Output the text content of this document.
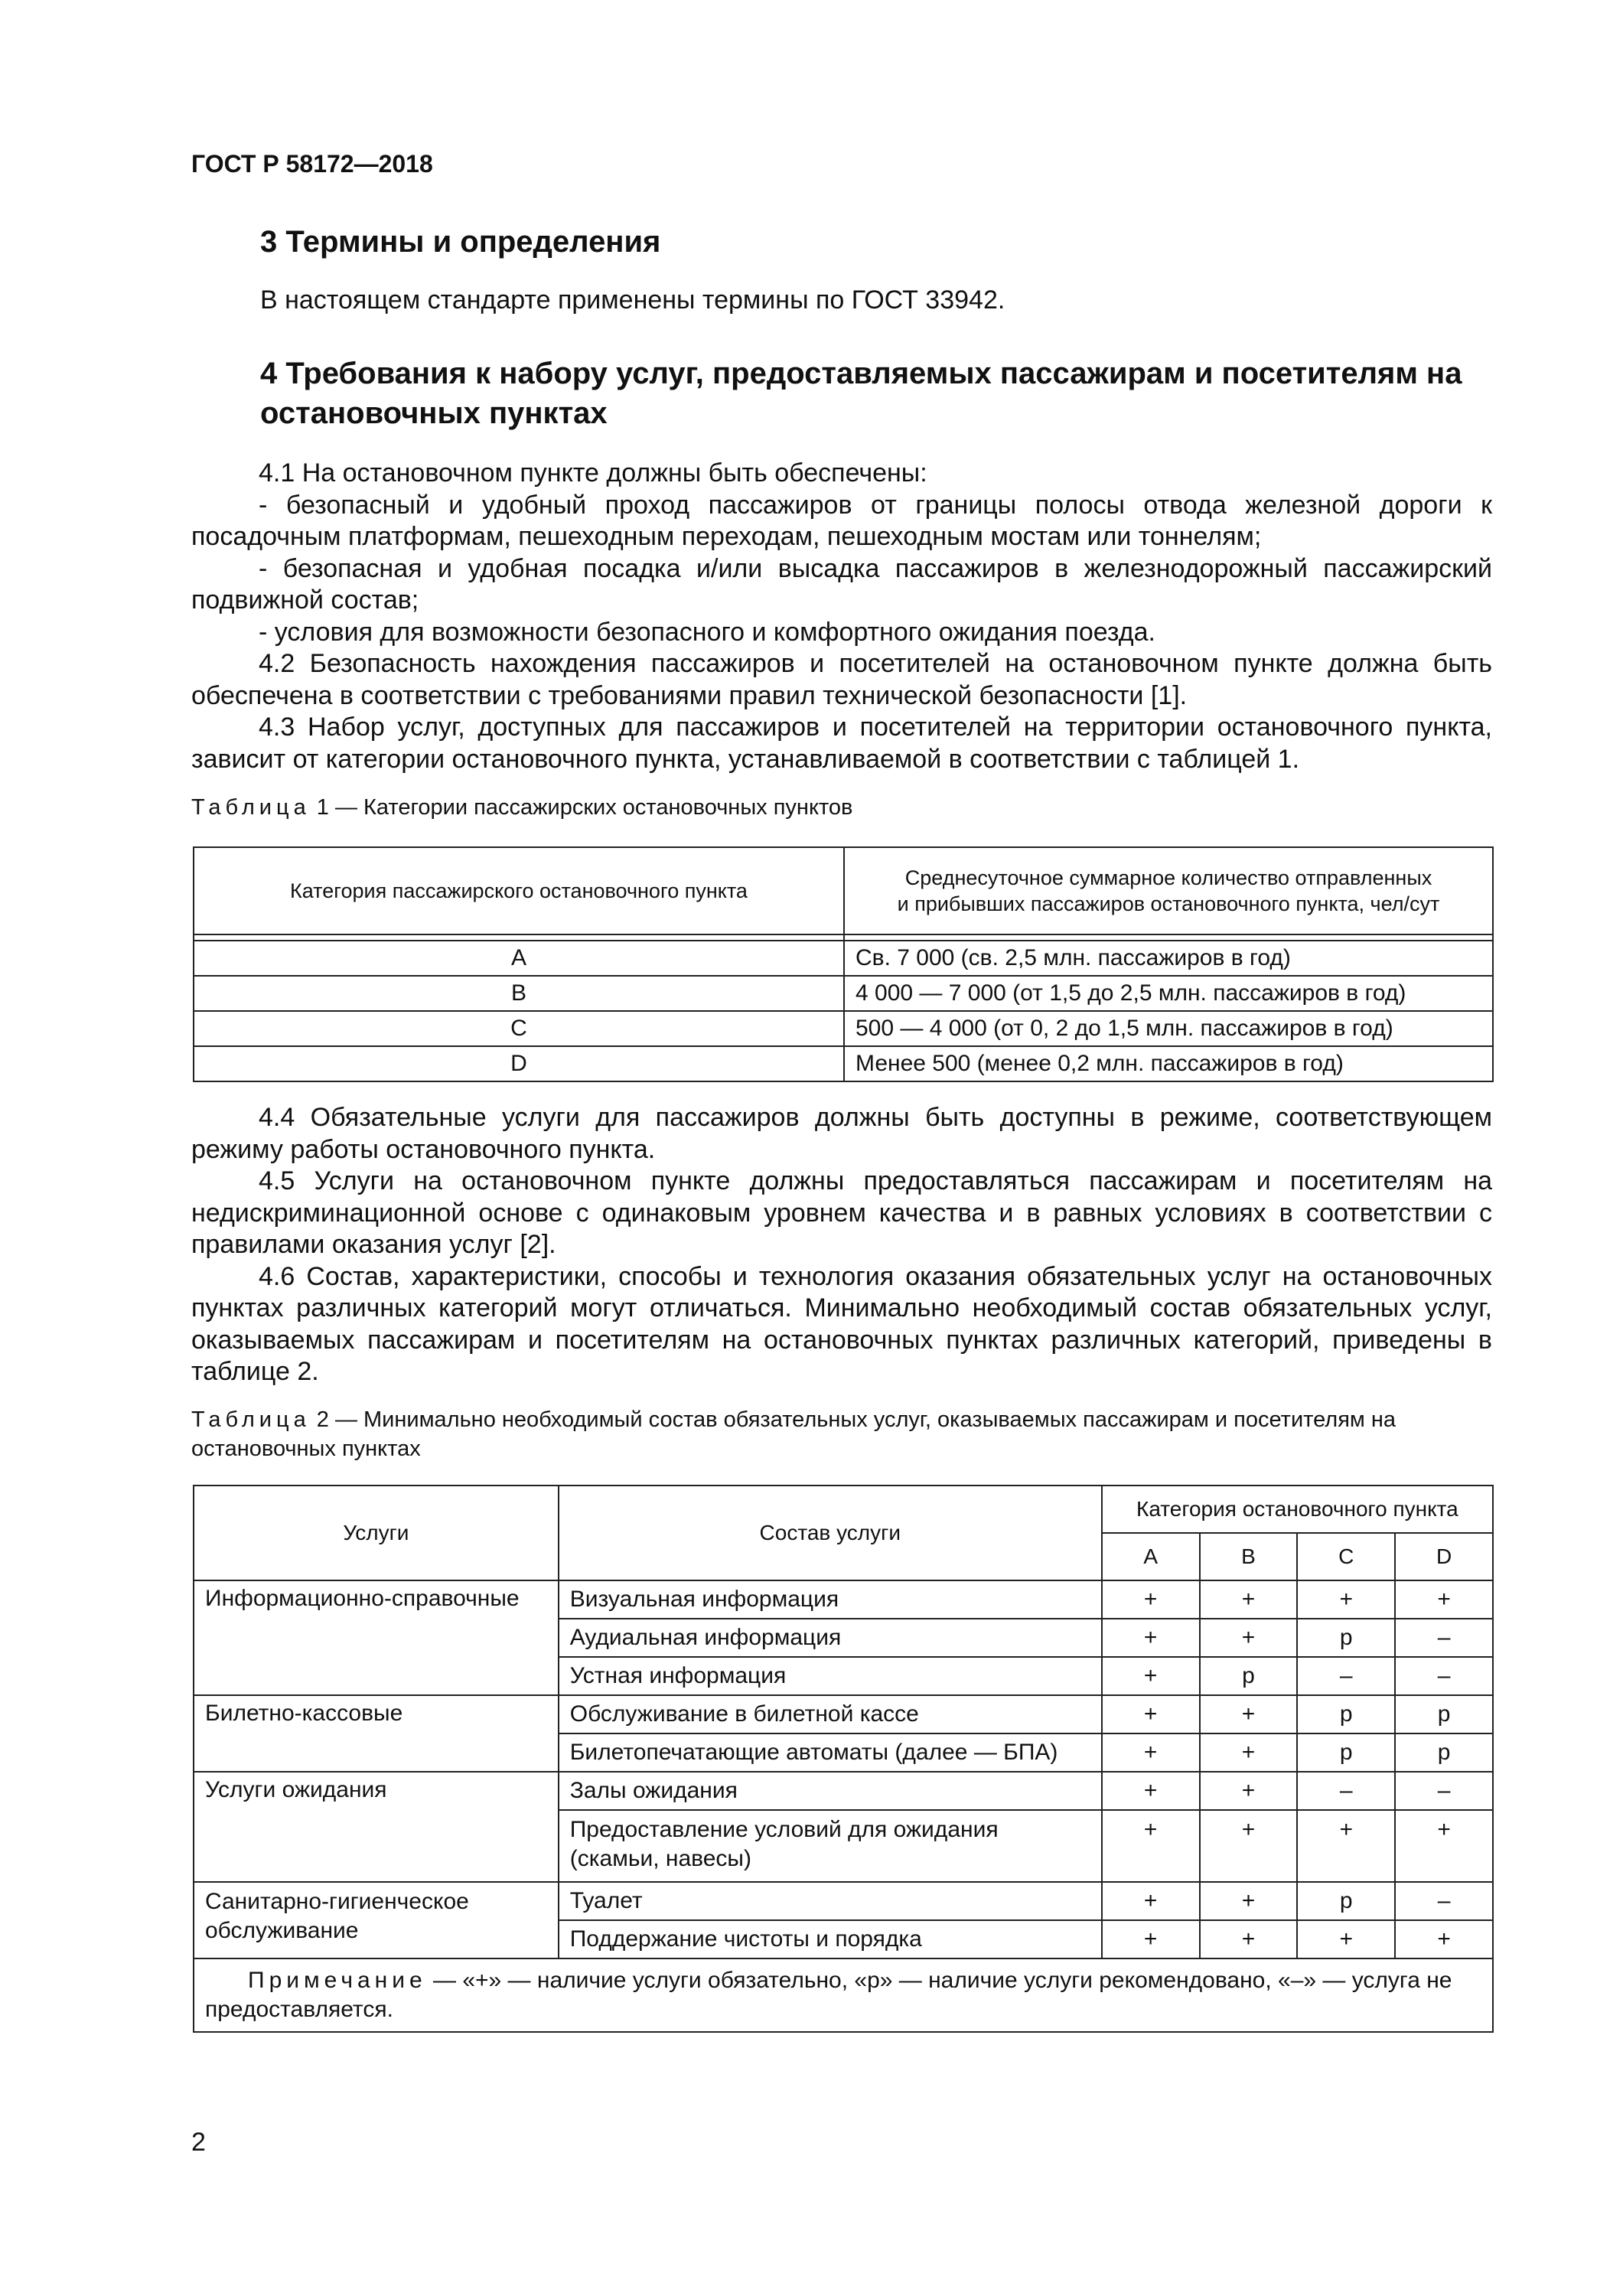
ГОСТ Р 58172—2018
3 Термины и определения
В настоящем стандарте применены термины по ГОСТ 33942.
4 Требования к набору услуг, предоставляемых пассажирам и посетителям на остановочных пунктах
4.1 На остановочном пункте должны быть обеспечены:
- безопасный и удобный проход пассажиров от границы полосы отвода железной дороги к посадочным платформам, пешеходным переходам, пешеходным мостам или тоннелям;
- безопасная и удобная посадка и/или высадка пассажиров в железнодорожный пассажирский подвижной состав;
- условия для возможности безопасного и комфортного ожидания поезда.
4.2 Безопасность нахождения пассажиров и посетителей на остановочном пункте должна быть обеспечена в соответствии с требованиями правил технической безопасности [1].
4.3 Набор услуг, доступных для пассажиров и посетителей на территории остановочного пункта, зависит от категории остановочного пункта, устанавливаемой в соответствии с таблицей 1.
Таблица 1 — Категории пассажирских остановочных пунктов
Категория пассажирского остановочного пункта	Среднесуточное суммарное количество отправленных
и прибывших пассажиров остановочного пункта, чел/сут

A	Св. 7 000 (св. 2,5 млн. пассажиров в год)
B	4 000 — 7 000 (от 1,5 до 2,5 млн. пассажиров в год)
C	500 — 4 000 (от 0, 2 до 1,5 млн. пассажиров в год)
D	Менее 500 (менее 0,2 млн. пассажиров в год)
4.4 Обязательные услуги для пассажиров должны быть доступны в режиме, соответствующем режиму работы остановочного пункта.
4.5 Услуги на остановочном пункте должны предоставляться пассажирам и посетителям на недискриминационной основе с одинаковым уровнем качества и в равных условиях в соответствии с правилами оказания услуг [2].
4.6 Состав, характеристики, способы и технология оказания обязательных услуг на остановочных пунктах различных категорий могут отличаться. Минимально необходимый состав обязательных услуг, оказываемых пассажирам и посетителям на остановочных пунктах различных категорий, приведены в таблице 2.
Таблица 2 — Минимально необходимый состав обязательных услуг, оказываемых пассажирам и посетителям на остановочных пунктах
Услуги	Состав услуги	Категория остановочного пункта			
		A	B	C	D
Информационно-справочные	Визуальная информация	+	+	+	+
	Аудиальная информация	+	+	р	–
	Устная информация	+	р	–	–
Билетно-кассовые	Обслуживание в билетной кассе	+	+	р	р
	Билетопечатающие автоматы (далее — БПА)	+	+	р	р
Услуги ожидания	Залы ожидания	+	+	–	–
	Предоставление условий для ожидания (скамьи, навесы)	+	+	+	+
Санитарно-гигиенческое обслуживание	Туалет	+	+	р	–
	Поддержание чистоты и порядка	+	+	+	+
Примечание — «+» — наличие услуги обязательно, «р» — наличие услуги рекомендовано, «–» — услуга не предоставляется.					
2
